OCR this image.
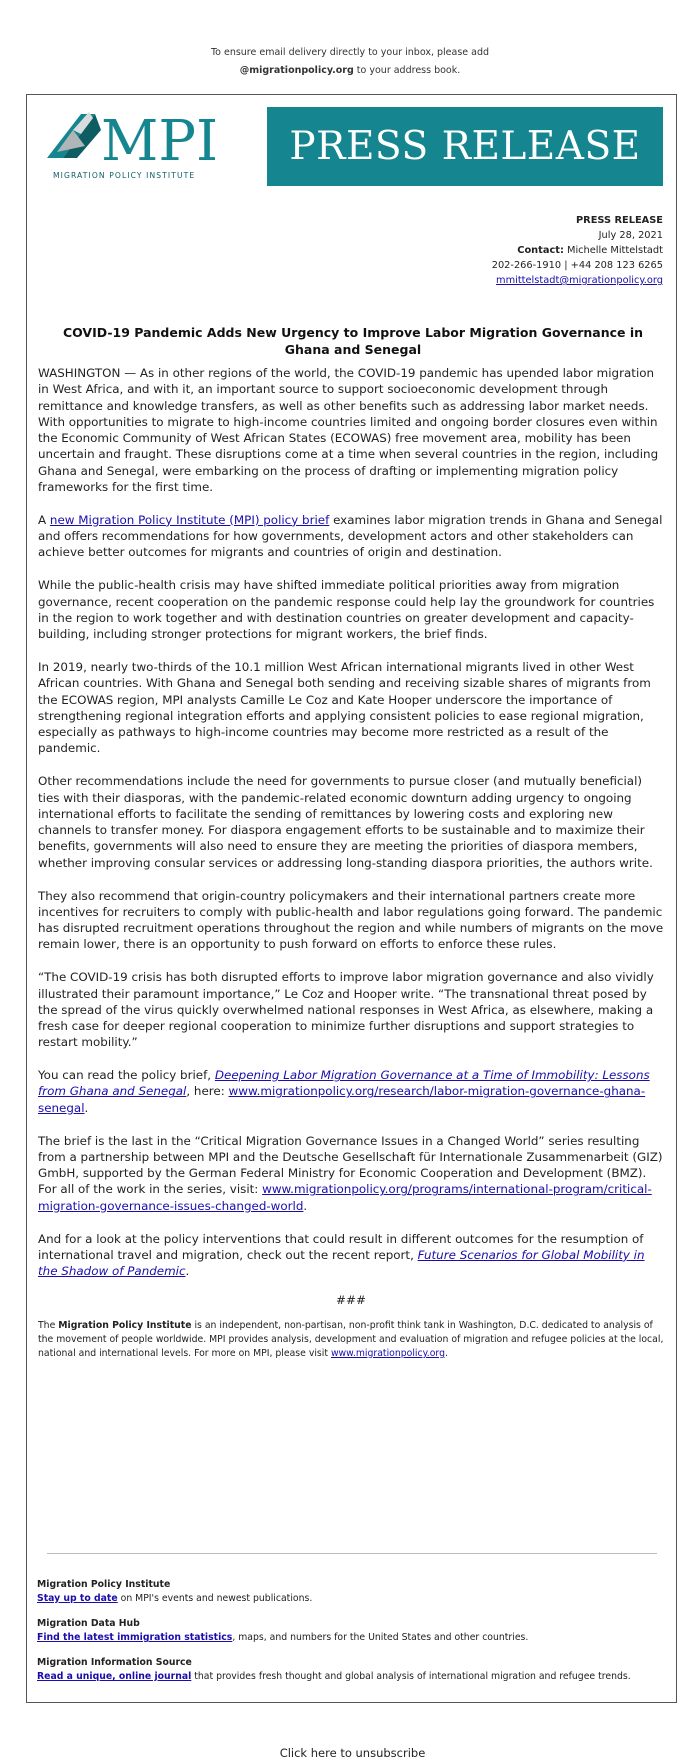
To ensure email delivery directly to your inbox, please add
@migrationpolicy.org to your address book.
MPI
MIGRATION POLICY INSTITUTE
PRESS RELEASE
PRESS RELEASE
July 28, 2021
Contact: Michelle Mittelstadt
202-266-1910 | +44 208 123 6265
mmittelstadt@migrationpolicy.org
COVID-19 Pandemic Adds New Urgency to Improve Labor Migration Governance in Ghana and Senegal

WASHINGTON — As in other regions of the world, the COVID-19 pandemic has upended labor migration in West Africa, and with it, an important source to support socioeconomic development through remittance and knowledge transfers, as well as other benefits such as addressing labor market needs. With opportunities to migrate to high-income countries limited and ongoing border closures even within the Economic Community of West African States (ECOWAS) free movement area, mobility has been uncertain and fraught. These disruptions come at a time when several countries in the region, including Ghana and Senegal, were embarking on the process of drafting or implementing migration policy frameworks for the first time.

A new Migration Policy Institute (MPI) policy brief examines labor migration trends in Ghana and Senegal and offers recommendations for how governments, development actors and other stakeholders can achieve better outcomes for migrants and countries of origin and destination.

While the public-health crisis may have shifted immediate political priorities away from migration governance, recent cooperation on the pandemic response could help lay the groundwork for countries in the region to work together and with destination countries on greater development and capacity-building, including stronger protections for migrant workers, the brief finds.

In 2019, nearly two-thirds of the 10.1 million West African international migrants lived in other West African countries. With Ghana and Senegal both sending and receiving sizable shares of migrants from the ECOWAS region, MPI analysts Camille Le Coz and Kate Hooper underscore the importance of strengthening regional integration efforts and applying consistent policies to ease regional migration, especially as pathways to high-income countries may become more restricted as a result of the pandemic.

Other recommendations include the need for governments to pursue closer (and mutually beneficial) ties with their diasporas, with the pandemic-related economic downturn adding urgency to ongoing international efforts to facilitate the sending of remittances by lowering costs and exploring new channels to transfer money. For diaspora engagement efforts to be sustainable and to maximize their benefits, governments will also need to ensure they are meeting the priorities of diaspora members, whether improving consular services or addressing long-standing diaspora priorities, the authors write.

They also recommend that origin-country policymakers and their international partners create more incentives for recruiters to comply with public-health and labor regulations going forward. The pandemic has disrupted recruitment operations throughout the region and while numbers of migrants on the move remain lower, there is an opportunity to push forward on efforts to enforce these rules.

“The COVID-19 crisis has both disrupted efforts to improve labor migration governance and also vividly illustrated their paramount importance,” Le Coz and Hooper write. “The transnational threat posed by the spread of the virus quickly overwhelmed national responses in West Africa, as elsewhere, making a fresh case for deeper regional cooperation to minimize further disruptions and support strategies to restart mobility.”

You can read the policy brief, Deepening Labor Migration Governance at a Time of Immobility: Lessons from Ghana and Senegal, here: www.migrationpolicy.org/research/labor-migration-governance-ghana-senegal.

The brief is the last in the “Critical Migration Governance Issues in a Changed World” series resulting from a partnership between MPI and the Deutsche Gesellschaft für Internationale Zusammenarbeit (GIZ) GmbH, supported by the German Federal Ministry for Economic Cooperation and Development (BMZ). For all of the work in the series, visit: www.migrationpolicy.org/programs/international-program/critical-migration-governance-issues-changed-world.

And for a look at the policy interventions that could result in different outcomes for the resumption of international travel and migration, check out the recent report, Future Scenarios for Global Mobility in the Shadow of Pandemic.

###

The Migration Policy Institute is an independent, non-partisan, non-profit think tank in Washington, D.C. dedicated to analysis of the movement of people worldwide. MPI provides analysis, development and evaluation of migration and refugee policies at the local, national and international levels. For more on MPI, please visit www.migrationpolicy.org.

Migration Policy Institute
Stay up to date on MPI's events and newest publications.
Migration Data Hub
Find the latest immigration statistics, maps, and numbers for the United States and other countries.
Migration Information Source
Read a unique, online journal that provides fresh thought and global analysis of international migration and refugee trends.
Click here to unsubscribe
